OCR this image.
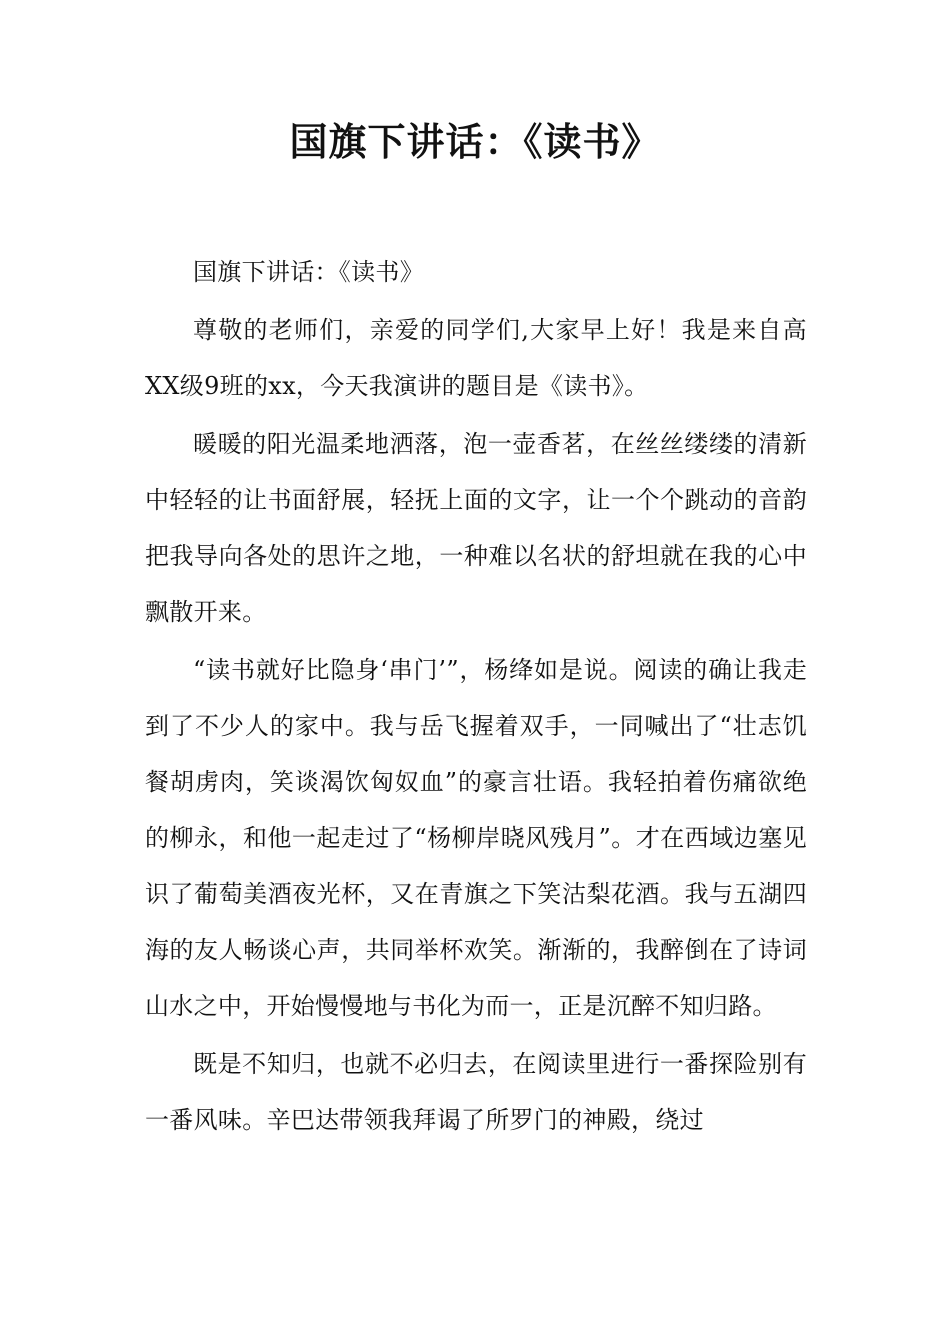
国旗下讲话：《读书》

国旗下讲话：《读书》

尊敬的老师们，亲爱的同学们,大家早上好！我是来自高XX级9班的xx，今天我演讲的题目是《读书》。

暖暖的阳光温柔地洒落，泡一壶香茗，在丝丝缕缕的清新中轻轻的让书面舒展，轻抚上面的文字，让一个个跳动的音韵把我导向各处的思许之地，一种难以名状的舒坦就在我的心中飘散开来。

“读书就好比隐身‘串门’”，杨绛如是说。阅读的确让我走到了不少人的家中。我与岳飞握着双手，一同喊出了“壮志饥餐胡虏肉，笑谈渴饮匈奴血”的豪言壮语。我轻拍着伤痛欲绝的柳永，和他一起走过了“杨柳岸晓风残月”。才在西域边塞见识了葡萄美酒夜光杯，又在青旗之下笑沽梨花酒。我与五湖四海的友人畅谈心声，共同举杯欢笑。渐渐的，我醉倒在了诗词山水之中，开始慢慢地与书化为而一，正是沉醉不知归路。

既是不知归，也就不必归去，在阅读里进行一番探险别有一番风味。辛巴达带领我拜谒了所罗门的神殿，绕过
